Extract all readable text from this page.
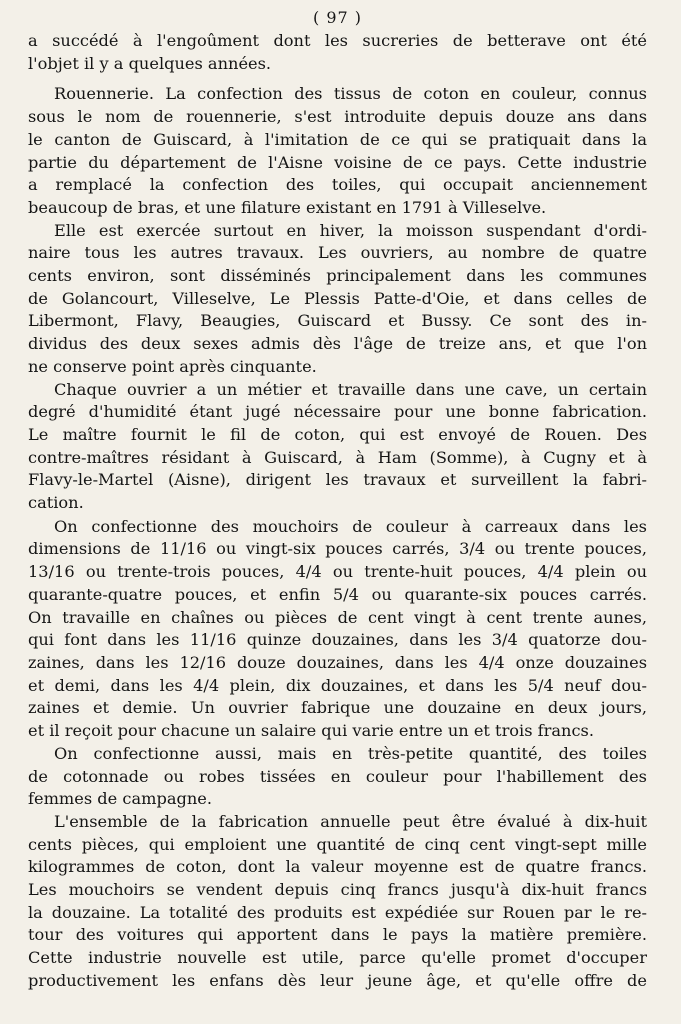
( 97 )
a succédé à l'engoûment dont les sucreries de betterave ont été
l'objet il y a quelques années.
Rouennerie. La confection des tissus de coton en couleur, connus
sous le nom de rouennerie, s'est introduite depuis douze ans dans
le canton de Guiscard, à l'imitation de ce qui se pratiquait dans la
partie du département de l'Aisne voisine de ce pays. Cette industrie
a remplacé la confection des toiles, qui occupait anciennement
beaucoup de bras, et une filature existant en 1791 à Villeselve.
Elle est exercée surtout en hiver, la moisson suspendant d'ordi-
naire tous les autres travaux. Les ouvriers, au nombre de quatre
cents environ, sont disséminés principalement dans les communes
de Golancourt, Villeselve, Le Plessis Patte-d'Oie, et dans celles de
Libermont, Flavy, Beaugies, Guiscard et Bussy. Ce sont des in-
dividus des deux sexes admis dès l'âge de treize ans, et que l'on
ne conserve point après cinquante.
Chaque ouvrier a un métier et travaille dans une cave, un certain
degré d'humidité étant jugé nécessaire pour une bonne fabrication.
Le maître fournit le fil de coton, qui est envoyé de Rouen. Des
contre-maîtres résidant à Guiscard, à Ham (Somme), à Cugny et à
Flavy-le-Martel (Aisne), dirigent les travaux et surveillent la fabri-
cation.
On confectionne des mouchoirs de couleur à carreaux dans les
dimensions de 11/16 ou vingt-six pouces carrés, 3/4 ou trente pouces,
13/16 ou trente-trois pouces, 4/4 ou trente-huit pouces, 4/4 plein ou
quarante-quatre pouces, et enfin 5/4 ou quarante-six pouces carrés.
On travaille en chaînes ou pièces de cent vingt à cent trente aunes,
qui font dans les 11/16 quinze douzaines, dans les 3/4 quatorze dou-
zaines, dans les 12/16 douze douzaines, dans les 4/4 onze douzaines
et demi, dans les 4/4 plein, dix douzaines, et dans les 5/4 neuf dou-
zaines et demie. Un ouvrier fabrique une douzaine en deux jours,
et il reçoit pour chacune un salaire qui varie entre un et trois francs.
On confectionne aussi, mais en très-petite quantité, des toiles
de cotonnade ou robes tissées en couleur pour l'habillement des
femmes de campagne.
L'ensemble de la fabrication annuelle peut être évalué à dix-huit
cents pièces, qui emploient une quantité de cinq cent vingt-sept mille
kilogrammes de coton, dont la valeur moyenne est de quatre francs.
Les mouchoirs se vendent depuis cinq francs jusqu'à dix-huit francs
la douzaine. La totalité des produits est expédiée sur Rouen par le re-
tour des voitures qui apportent dans le pays la matière première.
Cette industrie nouvelle est utile, parce qu'elle promet d'occuper
productivement les enfans dès leur jeune âge, et qu'elle offre de
